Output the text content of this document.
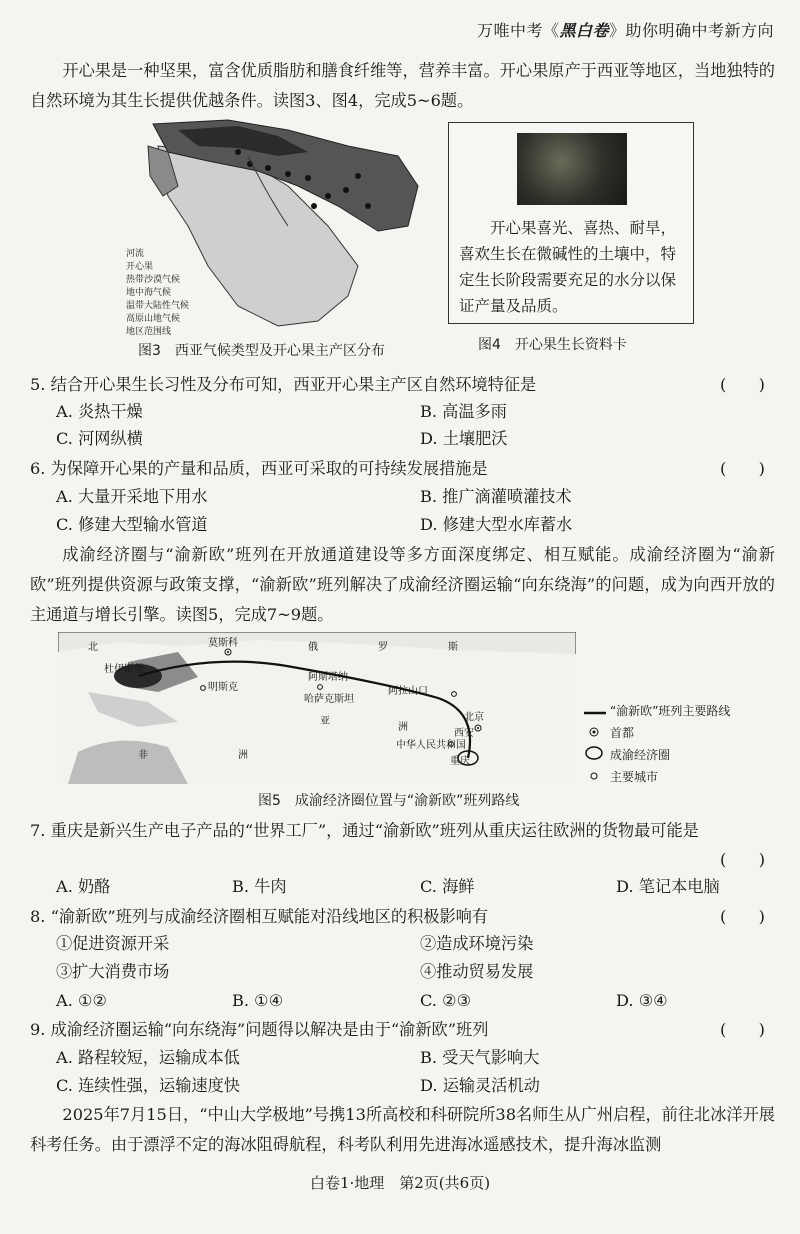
万唯中考《黑白卷》助你明确中考新方向
开心果是一种坚果，富含优质脂肪和膳食纤维等，营养丰富。开心果原产于西亚等地区，当地独特的自然环境为其生长提供优越条件。读图3、图4，完成5~6题。
河流
开心果
热带沙漠气候
地中海气候
温带大陆性气候
高原山地气候
地区范围线
图3　西亚气候类型及开心果主产区分布
开心果喜光、喜热、耐旱，喜欢生长在微碱性的土壤中，特定生长阶段需要充足的水分以保证产量及品质。
图4　开心果生长资料卡
5. 结合开心果生长习性及分布可知，西亚开心果主产区自然环境特征是	(　　)
A. 炎热干燥	B. 高温多雨
C. 河网纵横	D. 土壤肥沃
6. 为保障开心果的产量和品质，西亚可采取的可持续发展措施是	(　　)
A. 大量开采地下用水	B. 推广滴灌喷灌技术
C. 修建大型输水管道	D. 修建大型水库蓄水
成渝经济圈与“渝新欧”班列在开放通道建设等多方面深度绑定、相互赋能。成渝经济圈为“渝新欧”班列提供资源与政策支撑，“渝新欧”班列解决了成渝经济圈运输“向东绕海”的问题，成为向西开放的主通道与增长引擎。读图5，完成7~9题。
北	莫斯科	俄	罗	斯
杜伊斯堡
明斯克
阿斯塔纳
哈萨克斯坦
阿拉山口
北京
西安
中华人民共和国
重庆
亚
洲
非	洲
“渝新欧”班列主要路线
首都
成渝经济圈
主要城市
图5　成渝经济圈位置与“渝新欧”班列路线
7. 重庆是新兴生产电子产品的“世界工厂”，通过“渝新欧”班列从重庆运往欧洲的货物最可能是
(　　)
A. 奶酪	B. 牛肉	C. 海鲜	D. 笔记本电脑
8. “渝新欧”班列与成渝经济圈相互赋能对沿线地区的积极影响有	(　　)
①促进资源开采	②造成环境污染
③扩大消费市场	④推动贸易发展
A. ①②	B. ①④	C. ②③	D. ③④
9. 成渝经济圈运输“向东绕海”问题得以解决是由于“渝新欧”班列	(　　)
A. 路程较短，运输成本低	B. 受天气影响大
C. 连续性强，运输速度快	D. 运输灵活机动
2025年7月15日，“中山大学极地”号携13所高校和科研院所38名师生从广州启程，前往北冰洋开展科考任务。由于漂浮不定的海冰阻碍航程，科考队利用先进海冰遥感技术，提升海冰监测
白卷1·地理　第2页(共6页)
